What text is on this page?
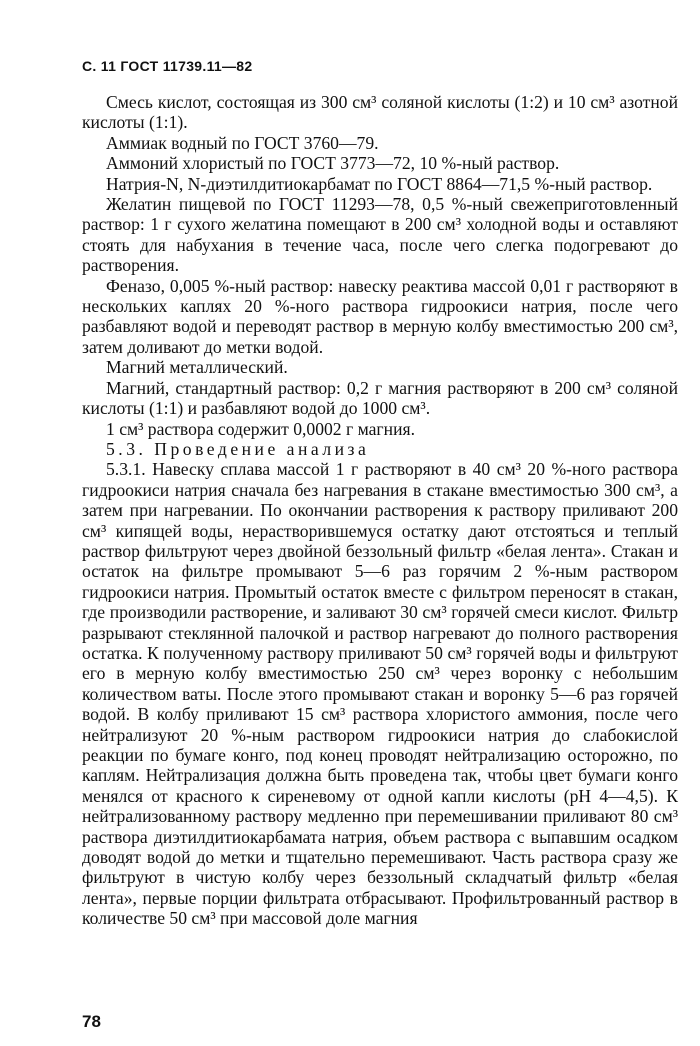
С. 11 ГОСТ 11739.11—82

Смесь кислот, состоящая из 300 см³ соляной кислоты (1:2) и 10 см³ азотной кислоты (1:1).

Аммиак водный по ГОСТ 3760—79.

Аммоний хлористый по ГОСТ 3773—72, 10 %-ный раствор.

Натрия-N, N-диэтилдитиокарбамат по ГОСТ 8864—71,5 %-ный раствор.

Желатин пищевой по ГОСТ 11293—78, 0,5 %-ный свежеприготовленный раствор: 1 г сухого желатина помещают в 200 см³ холодной воды и оставляют стоять для набухания в течение часа, после чего слегка подогревают до растворения.

Феназо, 0,005 %-ный раствор: навеску реактива массой 0,01 г растворяют в нескольких каплях 20 %-ного раствора гидроокиси натрия, после чего разбавляют водой и переводят раствор в мерную колбу вместимостью 200 см³, затем доливают до метки водой.

Магний металлический.

Магний, стандартный раствор: 0,2 г магния растворяют в 200 см³ соляной кислоты (1:1) и разбавляют водой до 1000 см³.

1 см³ раствора содержит 0,0002 г магния.

5.3. Проведение анализа

5.3.1. Навеску сплава массой 1 г растворяют в 40 см³ 20 %-ного раствора гидроокиси натрия сначала без нагревания в стакане вместимостью 300 см³, а затем при нагревании. По окончании растворения к раствору приливают 200 см³ кипящей воды, нерастворившемуся остатку дают отстояться и теплый раствор фильтруют через двойной беззольный фильтр «белая лента». Стакан и остаток на фильтре промывают 5—6 раз горячим 2 %-ным раствором гидроокиси натрия. Промытый остаток вместе с фильтром переносят в стакан, где производили растворение, и заливают 30 см³ горячей смеси кислот. Фильтр разрывают стеклянной палочкой и раствор нагревают до полного растворения остатка. К полученному раствору приливают 50 см³ горячей воды и фильтруют его в мерную колбу вместимостью 250 см³ через воронку с небольшим количеством ваты. После этого промывают стакан и воронку 5—6 раз горячей водой. В колбу приливают 15 см³ раствора хлористого аммония, после чего нейтрализуют 20 %-ным раствором гидроокиси натрия до слабокислой реакции по бумаге конго, под конец проводят нейтрализацию осторожно, по каплям. Нейтрализация должна быть проведена так, чтобы цвет бумаги конго менялся от красного к сиреневому от одной капли кислоты (рН 4—4,5). К нейтрализованному раствору медленно при перемешивании приливают 80 см³ раствора диэтилдитиокарбамата натрия, объем раствора с выпавшим осадком доводят водой до метки и тщательно перемешивают. Часть раствора сразу же фильтруют в чистую колбу через беззольный складчатый фильтр «белая лента», первые порции фильтрата отбрасывают. Профильтрованный раствор в количестве 50 см³ при массовой доле магния

78
